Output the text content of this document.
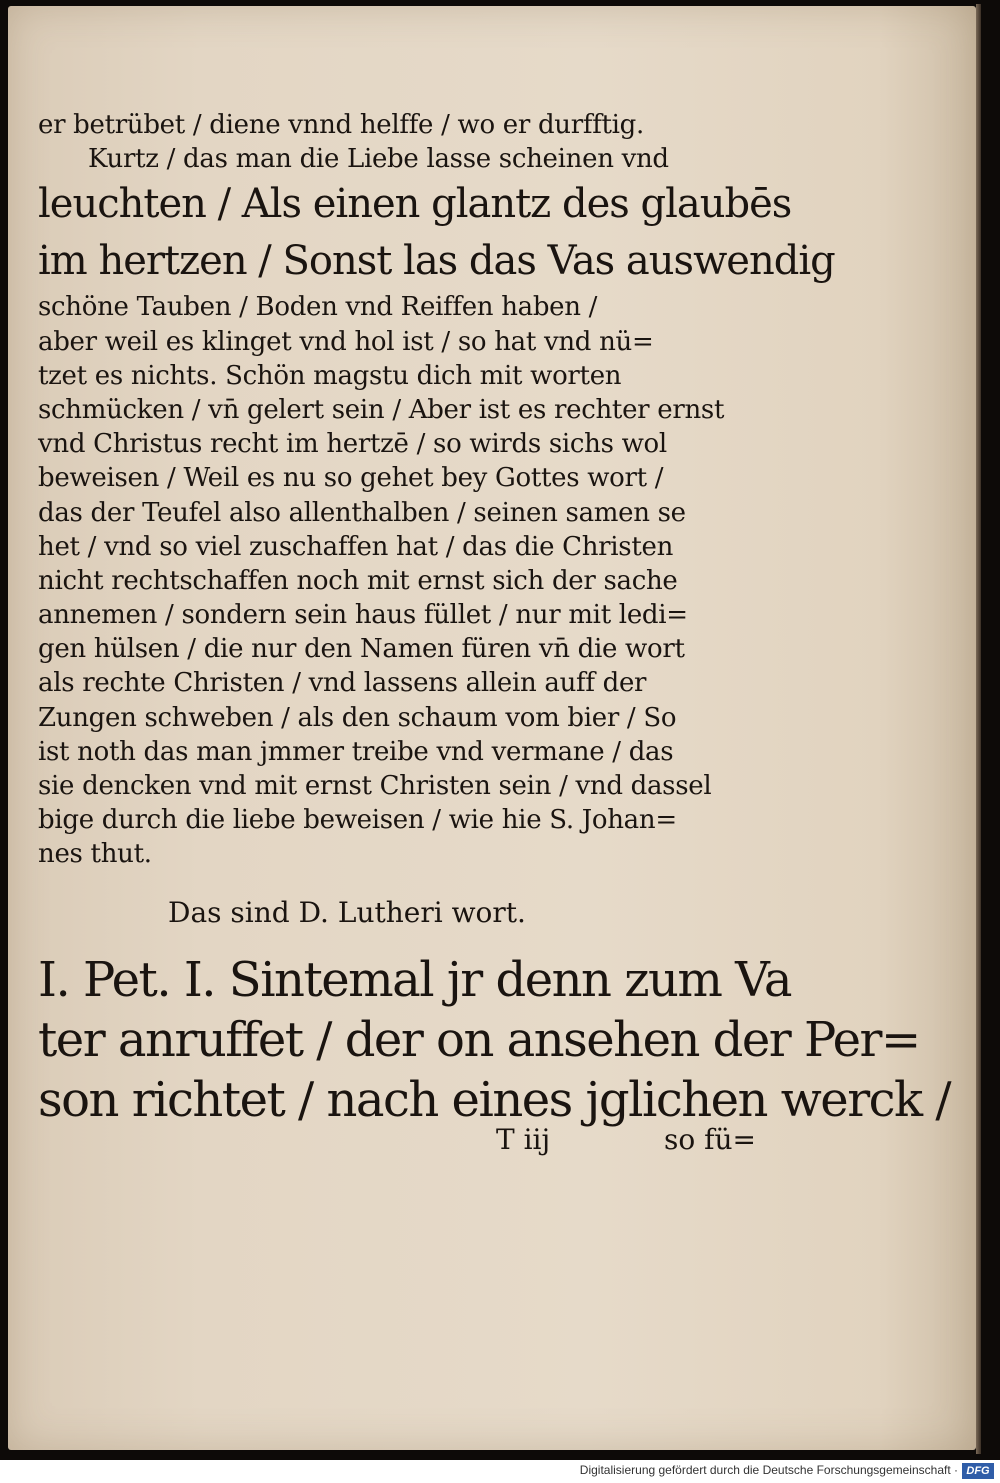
er betrübet / diene vnnd helffe / wo er durfftig.
Kurtz / das man die Liebe lasse scheinen vnd
leuchten / Als einen glantz des glaubēs
im hertzen / Sonst las das Vas auswendig
schöne Tauben / Boden vnd Reiffen haben /
aber weil es klinget vnd hol ist / so hat vnd nü=
tzet es nichts. Schön magstu dich mit worten
schmücken / vn̄ gelert sein / Aber ist es rechter ernst
vnd Christus recht im hertzē / so wirds sichs wol
beweisen / Weil es nu so gehet bey Gottes wort /
das der Teufel also allenthalben / seinen samen se
het / vnd so viel zuschaffen hat / das die Christen
nicht rechtschaffen noch mit ernst sich der sache
annemen / sondern sein haus füllet / nur mit ledi=
gen hülsen / die nur den Namen füren vn̄ die wort
als rechte Christen / vnd lassens allein auff der
Zungen schweben / als den schaum vom bier / So
ist noth das man jmmer treibe vnd vermane / das
sie dencken vnd mit ernst Christen sein / vnd dassel
bige durch die liebe beweisen / wie hie S. Johan=
nes thut.
Das sind D. Lutheri wort.
I. Pet. I. Sintemal jr denn zum Va
ter anruffet / der on ansehen der Per=
son richtet / nach eines jglichen werck /
T iij	so fü=
Digitalisierung gefördert durch die Deutsche Forschungsgemeinschaft · DFG
